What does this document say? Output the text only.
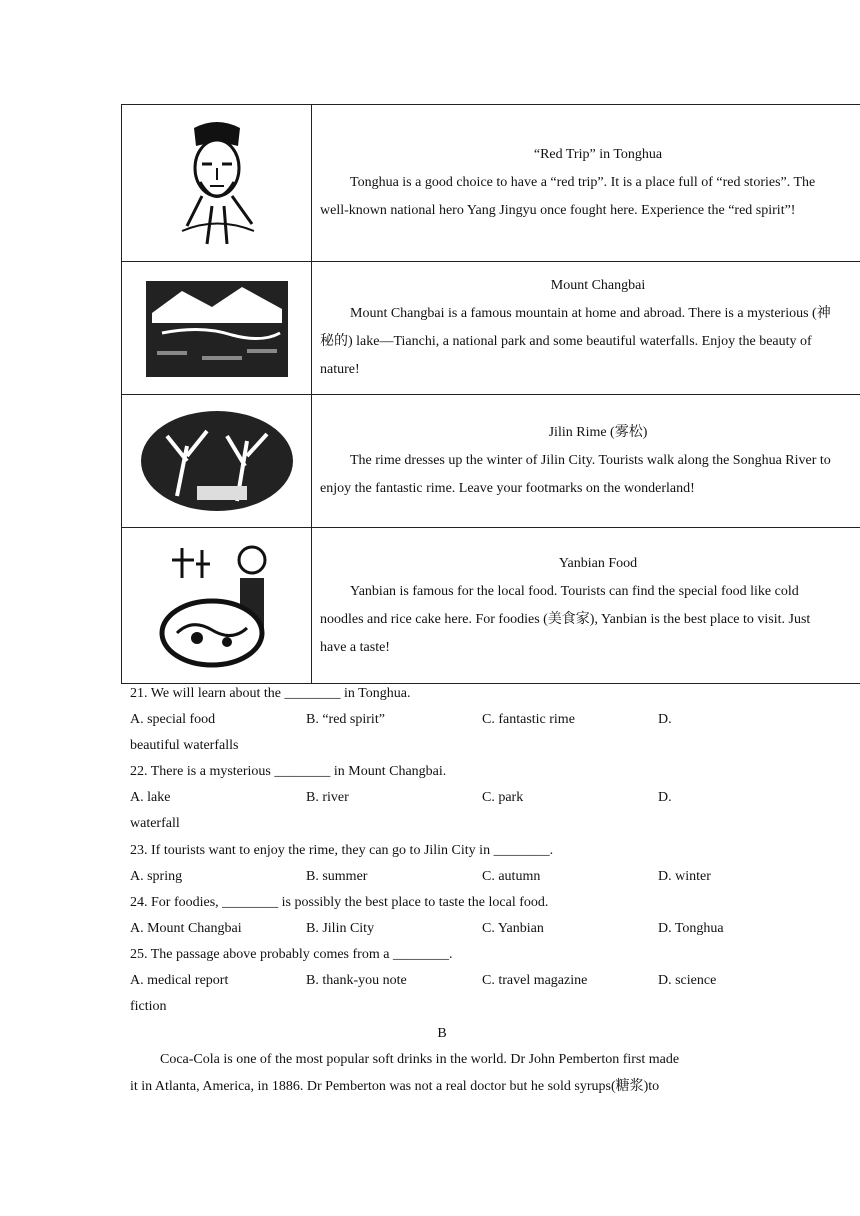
“Red Trip” in Tonghua
Tonghua is a good choice to have a “red trip”. It is a place full of “red stories”. The
well-known national hero Yang Jingyu once fought here. Experience the “red spirit”!

Mount Changbai
Mount Changbai is a famous mountain at home and abroad. There is a mysterious (神
秘的) lake—Tianchi, a national park and some beautiful waterfalls. Enjoy the beauty of
nature!

Jilin Rime (雾松)
The rime dresses up the winter of Jilin City. Tourists walk along the Songhua River to
enjoy the fantastic rime. Leave your footmarks on the wonderland!

Yanbian Food
Yanbian is famous for the local food. Tourists can find the special food like cold
noodles and rice cake here. For foodies (美食家), Yanbian is the best place to visit. Just
have a taste!
21. We will learn about the ________ in Tonghua.
A. special food	B. “red spirit”	C. fantastic rime	D.
beautiful waterfalls
22. There is a mysterious ________ in Mount Changbai.
A. lake	B. river	C. park	D.
waterfall
23. If tourists want to enjoy the rime, they can go to Jilin City in ________.
A. spring	B. summer	C. autumn	D. winter
24. For foodies, ________ is possibly the best place to taste the local food.
A. Mount Changbai	B. Jilin City	C. Yanbian	D. Tonghua
25. The passage above probably comes from a ________.
A. medical report	B. thank-you note	C. travel magazine	D. science
fiction
B
Coca-Cola is one of the most popular soft drinks in the world. Dr John Pemberton first made
it in Atlanta, America, in 1886. Dr Pemberton was not a real doctor but he sold syrups(糖浆)to
